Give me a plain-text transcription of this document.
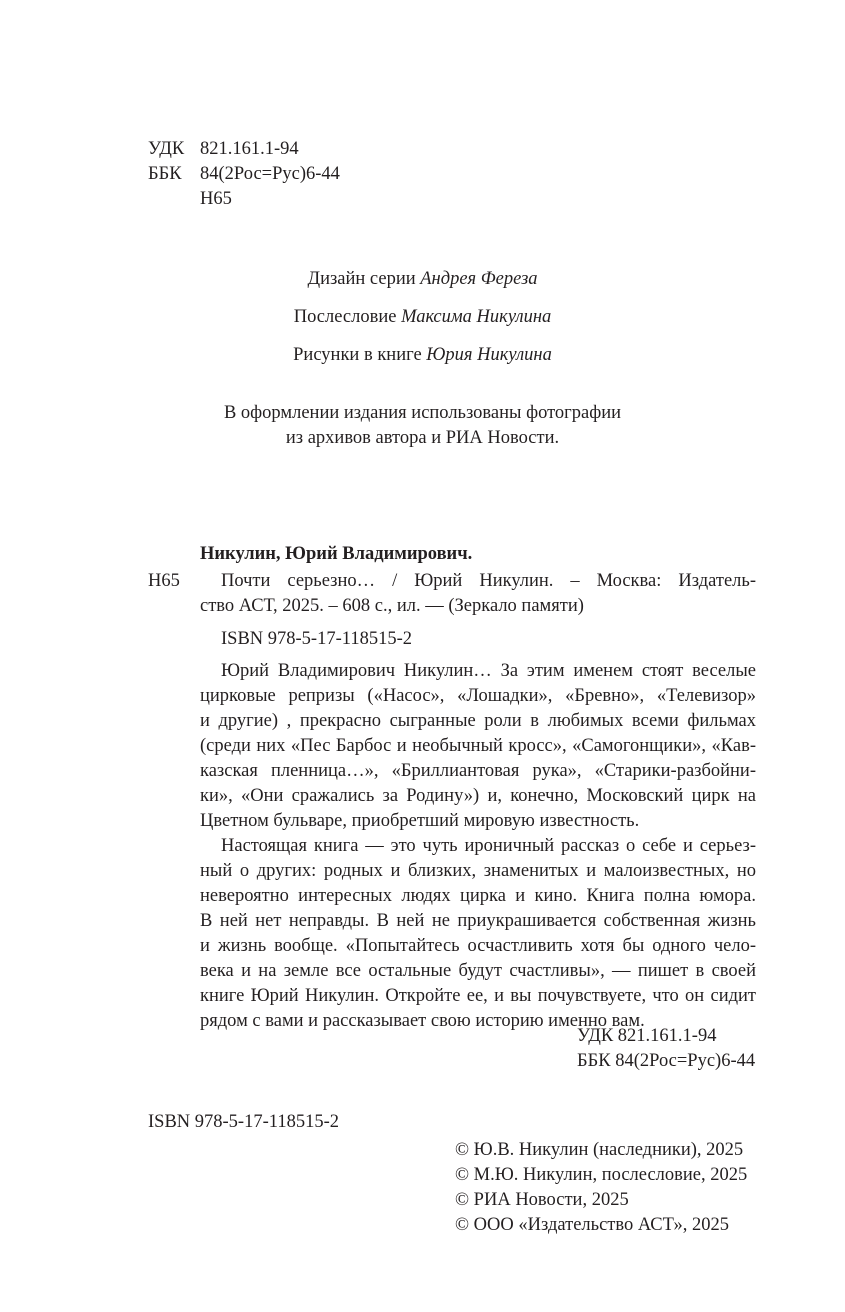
УДК 821.161.1-94
ББК 84(2Рос=Рус)6-44
Н65
Дизайн серии Андрея Фереза
Послесловие Максима Никулина
Рисунки в книге Юрия Никулина
В оформлении издания использованы фотографии
из архивов автора и РИА Новости.
Никулин, Юрий Владимирович.
Н65 Почти серьезно… / Юрий Никулин. – Москва: Издатель-
ство АСТ, 2025. – 608 с., ил. — (Зеркало памяти)
ISBN 978-5-17-118515-2
Юрий Владимирович Никулин… За этим именем стоят веселые
цирковые репризы («Насос», «Лошадки», «Бревно», «Телевизор»
и другие) , прекрасно сыгранные роли в любимых всеми фильмах
(среди них «Пес Барбос и необычный кросс», «Самогонщики», «Кав-
казская пленница…», «Бриллиантовая рука», «Старики-разбойни-
ки», «Они сражались за Родину») и, конечно, Московский цирк на
Цветном бульваре, приобретший мировую известность.
Настоящая книга — это чуть ироничный рассказ о себе и серьез-
ный о других: родных и близких, знаменитых и малоизвестных, но
невероятно интересных людях цирка и кино. Книга полна юмора.
В ней нет неправды. В ней не приукрашивается собственная жизнь
и жизнь вообще. «Попытайтесь осчастливить хотя бы одного чело-
века и на земле все остальные будут счастливы», — пишет в своей
книге Юрий Никулин. Откройте ее, и вы почувствуете, что он сидит
рядом с вами и рассказывает свою историю именно вам.
УДК 821.161.1-94
ББК 84(2Рос=Рус)6-44
ISBN 978-5-17-118515-2
© Ю.В. Никулин (наследники), 2025
© М.Ю. Никулин, послесловие, 2025
© РИА Новости, 2025
© ООО «Издательство АСТ», 2025
